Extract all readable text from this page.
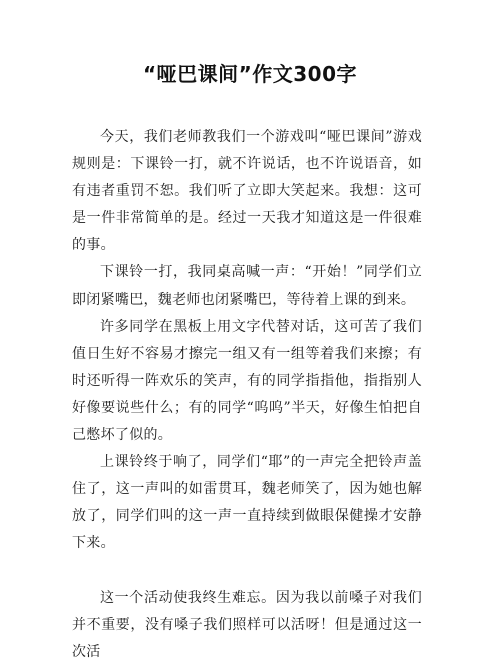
“哑巴课间”作文300字

今天，我们老师教我们一个游戏叫“哑巴课间”游戏规则是：下课铃一打，就不许说话，也不许说语音，如有违者重罚不恕。我们听了立即大笑起来。我想：这可是一件非常简单的是。经过一天我才知道这是一件很难的事。

下课铃一打，我同桌高喊一声：“开始！”同学们立即闭紧嘴巴，魏老师也闭紧嘴巴，等待着上课的到来。

许多同学在黑板上用文字代替对话，这可苦了我们值日生好不容易才擦完一组又有一组等着我们来擦；有时还听得一阵欢乐的笑声，有的同学指指他，指指别人好像要说些什么；有的同学“呜呜”半天，好像生怕把自己憋坏了似的。

上课铃终于响了，同学们“耶”的一声完全把铃声盖住了，这一声叫的如雷贯耳，魏老师笑了，因为她也解放了，同学们叫的这一声一直持续到做眼保健操才安静下来。

这一个活动使我终生难忘。因为我以前嗓子对我们并不重要，没有嗓子我们照样可以活呀！但是通过这一次活
